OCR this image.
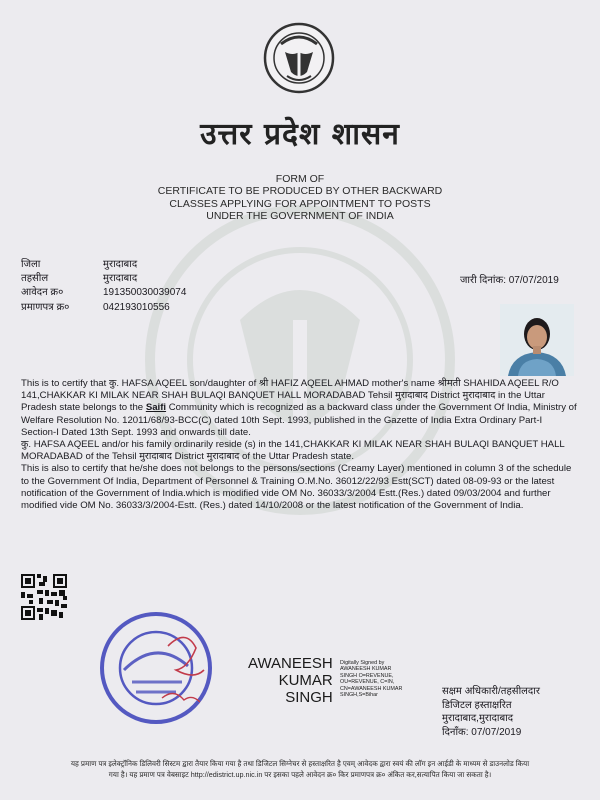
उत्तर प्रदेश शासन
FORM OF
CERTIFICATE TO BE PRODUCED BY OTHER BACKWARD
CLASSES APPLYING FOR APPOINTMENT TO POSTS
UNDER THE GOVERNMENT OF INDIA
जिला	मुरादाबाद
तहसील	मुरादाबाद
आवेदन क्र०	191350030039074
प्रमाणपत्र क्र०	042193010556
जारी दिनांक: 07/07/2019

This is to certify that कु. HAFSA AQEEL son/daughter of श्री HAFIZ AQEEL AHMAD mother's name श्रीमती SHAHIDA AQEEL R/O 141,CHAKKAR KI MILAK NEAR SHAH BULAQI BANQUET HALL MORADABAD Tehsil मुरादाबाद District मुरादाबाद in the Uttar Pradesh state belongs to the Saifi Community which is recognized as a backward class under the Government Of India, Ministry of Welfare Resolution No. 12011/68/93-BCC(C) dated 10th Sept. 1993, published in the Gazette of India Extra Ordinary Part-I Section-I Dated 13th Sept. 1993 and onwards till date.

कु. HAFSA AQEEL and/or his family ordinarily reside (s) in the 141,CHAKKAR KI MILAK NEAR SHAH BULAQI BANQUET HALL MORADABAD of the Tehsil मुरादाबाद District मुरादाबाद of the Uttar Pradesh state.

This is also to certify that he/she does not belongs to the persons/sections (Creamy Layer) mentioned in column 3 of the schedule to the Government Of India, Department of Personnel & Training O.M.No. 36012/22/93 Estt(SCT) dated 08-09-93 or the latest notification of the Government of India.which is modified vide OM No. 36033/3/2004 Estt.(Res.) dated 09/03/2004 and further modified vide OM No. 36033/3/2004-Estt. (Res.) dated 14/10/2008 or the latest notification of the Government of India.

AWANEESH
KUMAR
SINGH
Digitally Signed by
AWANEESH KUMAR
SINGH O=REVENUE,
OU=REVENUE, C=IN,
CN=AWANEESH KUMAR
SINGH,S=Bihar	सक्षम अधिकारी/तहसीलदार
डिजिटल हस्ताक्षरित
मुरादाबाद,मुरादाबाद
दिनाँक: 07/07/2019
यह प्रमाण पत्र इलेक्ट्रॉनिक डिलिवरी सिस्टम द्वारा तैयार किया गया है तथा डिजिटल सिग्नेचर से हस्ताक्षरित है एवम् आवेदक द्वारा स्वयं की लॉग इन आईडी के माध्यम से डाउनलोड किया
गया है। यह प्रमाण पत्र वेबसाइट http://edistrict.up.nic.in पर इसका पहले आवेदन क्र० किर प्रमाणपत्र क्र० अंकित कर,सत्यापित किया जा सकता है।
